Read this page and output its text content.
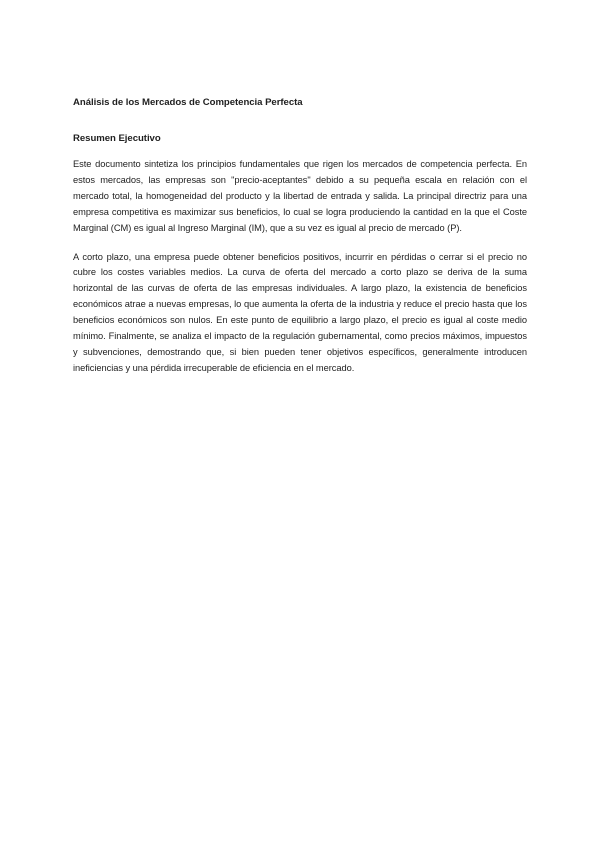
Análisis de los Mercados de Competencia Perfecta
Resumen Ejecutivo

Este documento sintetiza los principios fundamentales que rigen los mercados de competencia perfecta. En estos mercados, las empresas son "precio-aceptantes" debido a su pequeña escala en relación con el mercado total, la homogeneidad del producto y la libertad de entrada y salida. La principal directriz para una empresa competitiva es maximizar sus beneficios, lo cual se logra produciendo la cantidad en la que el Coste Marginal (CM) es igual al Ingreso Marginal (IM), que a su vez es igual al precio de mercado (P).

A corto plazo, una empresa puede obtener beneficios positivos, incurrir en pérdidas o cerrar si el precio no cubre los costes variables medios. La curva de oferta del mercado a corto plazo se deriva de la suma horizontal de las curvas de oferta de las empresas individuales. A largo plazo, la existencia de beneficios económicos atrae a nuevas empresas, lo que aumenta la oferta de la industria y reduce el precio hasta que los beneficios económicos son nulos. En este punto de equilibrio a largo plazo, el precio es igual al coste medio mínimo. Finalmente, se analiza el impacto de la regulación gubernamental, como precios máximos, impuestos y subvenciones, demostrando que, si bien pueden tener objetivos específicos, generalmente introducen ineficiencias y una pérdida irrecuperable de eficiencia en el mercado.
